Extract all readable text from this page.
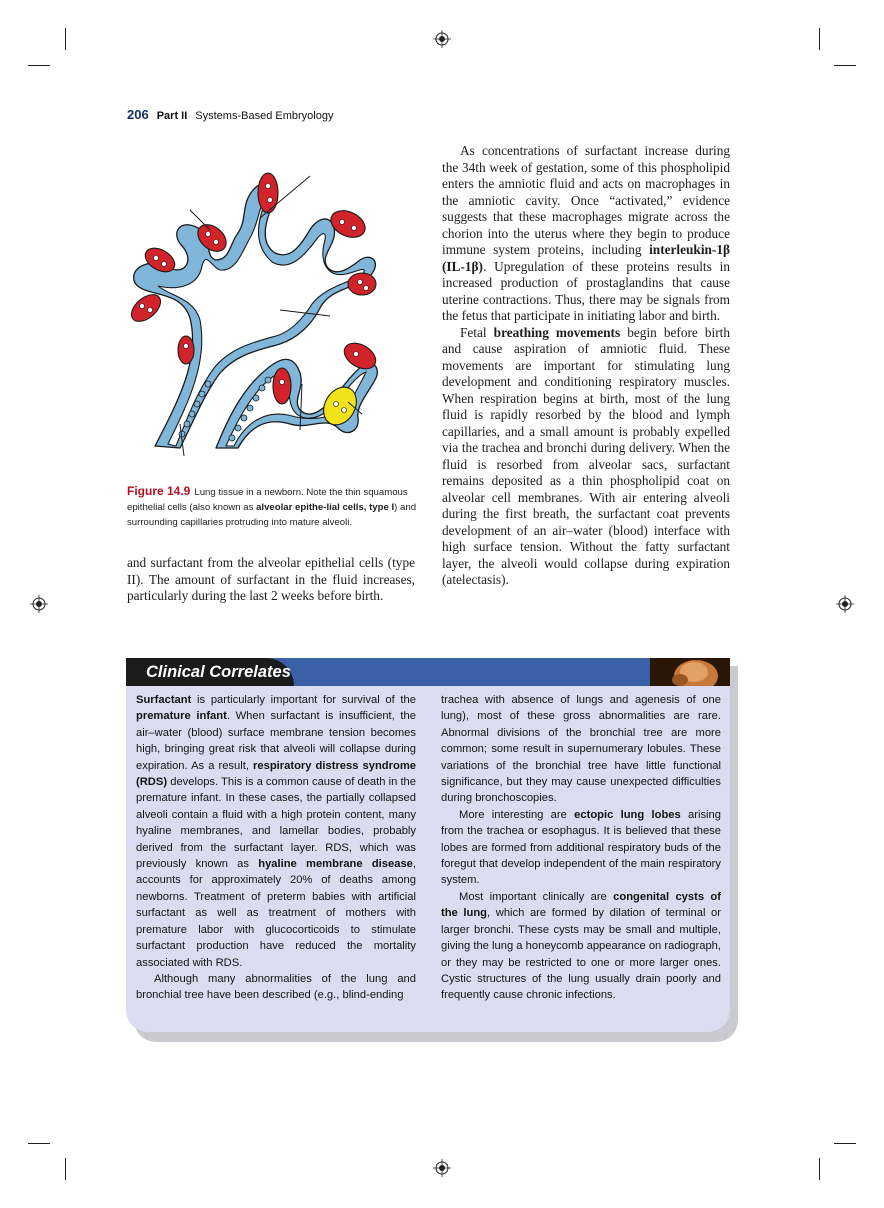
206 Part II Systems-Based Embryology
Figure 14.9 Lung tissue in a newborn. Note the thin squamous epithelial cells (also known as alveolar epithe-lial cells, type I) and surrounding capillaries protruding into mature alveoli.

and surfactant from the alveolar epithelial cells (type II). The amount of surfactant in the fluid increases, particularly during the last 2 weeks before birth.

As concentrations of surfactant increase during the 34th week of gestation, some of this phospholipid enters the amniotic fluid and acts on macrophages in the amniotic cavity. Once “activated,” evidence suggests that these macrophages migrate across the chorion into the uterus where they begin to produce immune system proteins, including interleukin-1β (IL-1β). Upregulation of these proteins results in increased production of prostaglandins that cause uterine contractions. Thus, there may be signals from the fetus that participate in initiating labor and birth.

Fetal breathing movements begin before birth and cause aspiration of amniotic fluid. These movements are important for stimulating lung development and conditioning respiratory muscles. When respiration begins at birth, most of the lung fluid is rapidly resorbed by the blood and lymph capillaries, and a small amount is probably expelled via the trachea and bronchi during delivery. When the fluid is resorbed from alveolar sacs, surfactant remains deposited as a thin phospholipid coat on alveolar cell membranes. With air entering alveoli during the first breath, the surfactant coat prevents development of an air–water (blood) interface with high surface tension. Without the fatty surfactant layer, the alveoli would collapse during expiration (atelectasis).

Clinical Correlates

Surfactant is particularly important for survival of the premature infant. When surfactant is insufficient, the air–water (blood) surface membrane tension becomes high, bringing great risk that alveoli will collapse during expiration. As a result, respiratory distress syndrome (RDS) develops. This is a common cause of death in the premature infant. In these cases, the partially collapsed alveoli contain a fluid with a high protein content, many hyaline membranes, and lamellar bodies, probably derived from the surfactant layer. RDS, which was previously known as hyaline membrane disease, accounts for approximately 20% of deaths among newborns. Treatment of preterm babies with artificial surfactant as well as treatment of mothers with premature labor with glucocorticoids to stimulate surfactant production have reduced the mortality associated with RDS.

Although many abnormalities of the lung and bronchial tree have been described (e.g., blind-ending

trachea with absence of lungs and agenesis of one lung), most of these gross abnormalities are rare. Abnormal divisions of the bronchial tree are more common; some result in supernumerary lobules. These variations of the bronchial tree have little functional significance, but they may cause unexpected difficulties during bronchoscopies.

More interesting are ectopic lung lobes arising from the trachea or esophagus. It is believed that these lobes are formed from additional respiratory buds of the foregut that develop independent of the main respiratory system.

Most important clinically are congenital cysts of the lung, which are formed by dilation of terminal or larger bronchi. These cysts may be small and multiple, giving the lung a honeycomb appearance on radiograph, or they may be restricted to one or more larger ones. Cystic structures of the lung usually drain poorly and frequently cause chronic infections.
